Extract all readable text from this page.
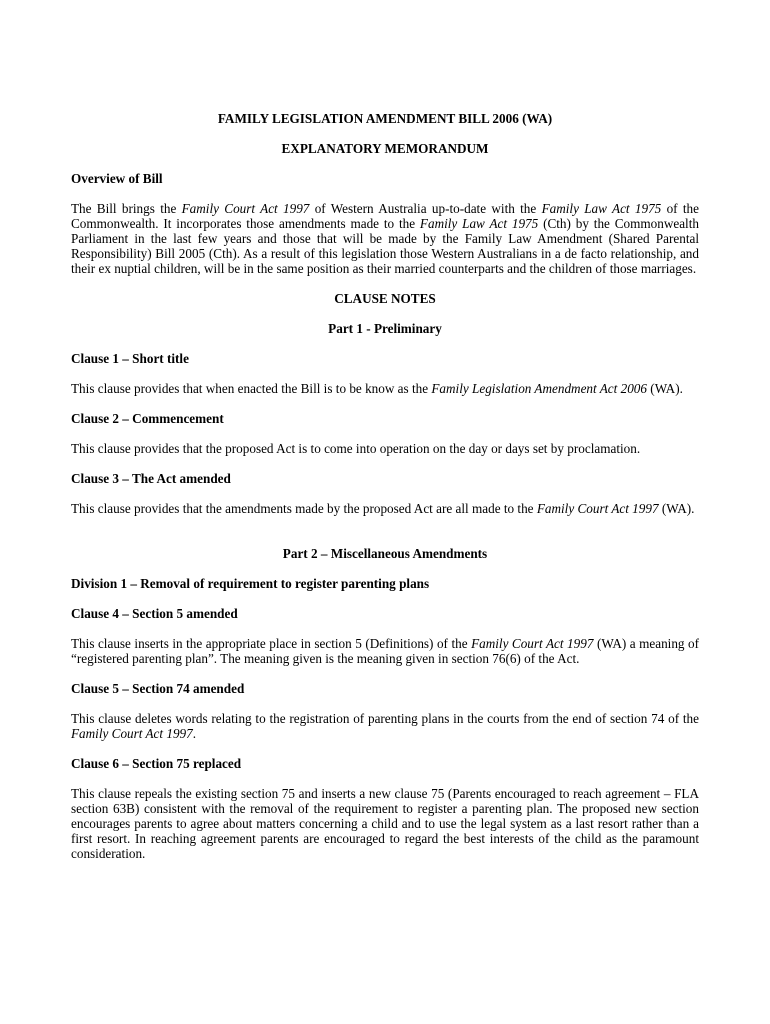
FAMILY LEGISLATION AMENDMENT BILL 2006 (WA)
EXPLANATORY MEMORANDUM
Overview of Bill

The Bill brings the Family Court Act 1997 of Western Australia up-to-date with the Family Law Act 1975 of the Commonwealth. It incorporates those amendments made to the Family Law Act 1975 (Cth) by the Commonwealth Parliament in the last few years and those that will be made by the Family Law Amendment (Shared Parental Responsibility) Bill 2005 (Cth). As a result of this legislation those Western Australians in a de facto relationship, and their ex nuptial children, will be in the same position as their married counterparts and the children of those marriages.

CLAUSE NOTES
Part 1 - Preliminary
Clause 1 – Short title

This clause provides that when enacted the Bill is to be know as the Family Legislation Amendment Act 2006 (WA).

Clause 2 – Commencement

This clause provides that the proposed Act is to come into operation on the day or days set by proclamation.

Clause 3 – The Act amended

This clause provides that the amendments made by the proposed Act are all made to the Family Court Act 1997 (WA).

Part 2 – Miscellaneous Amendments
Division 1 – Removal of requirement to register parenting plans
Clause 4 – Section 5 amended

This clause inserts in the appropriate place in section 5 (Definitions) of the Family Court Act 1997 (WA) a meaning of “registered parenting plan”. The meaning given is the meaning given in section 76(6) of the Act.

Clause 5 – Section 74 amended

This clause deletes words relating to the registration of parenting plans in the courts from the end of section 74 of the Family Court Act 1997.

Clause 6 – Section 75 replaced

This clause repeals the existing section 75 and inserts a new clause 75 (Parents encouraged to reach agreement – FLA section 63B) consistent with the removal of the requirement to register a parenting plan. The proposed new section encourages parents to agree about matters concerning a child and to use the legal system as a last resort rather than a first resort. In reaching agreement parents are encouraged to regard the best interests of the child as the paramount consideration.
